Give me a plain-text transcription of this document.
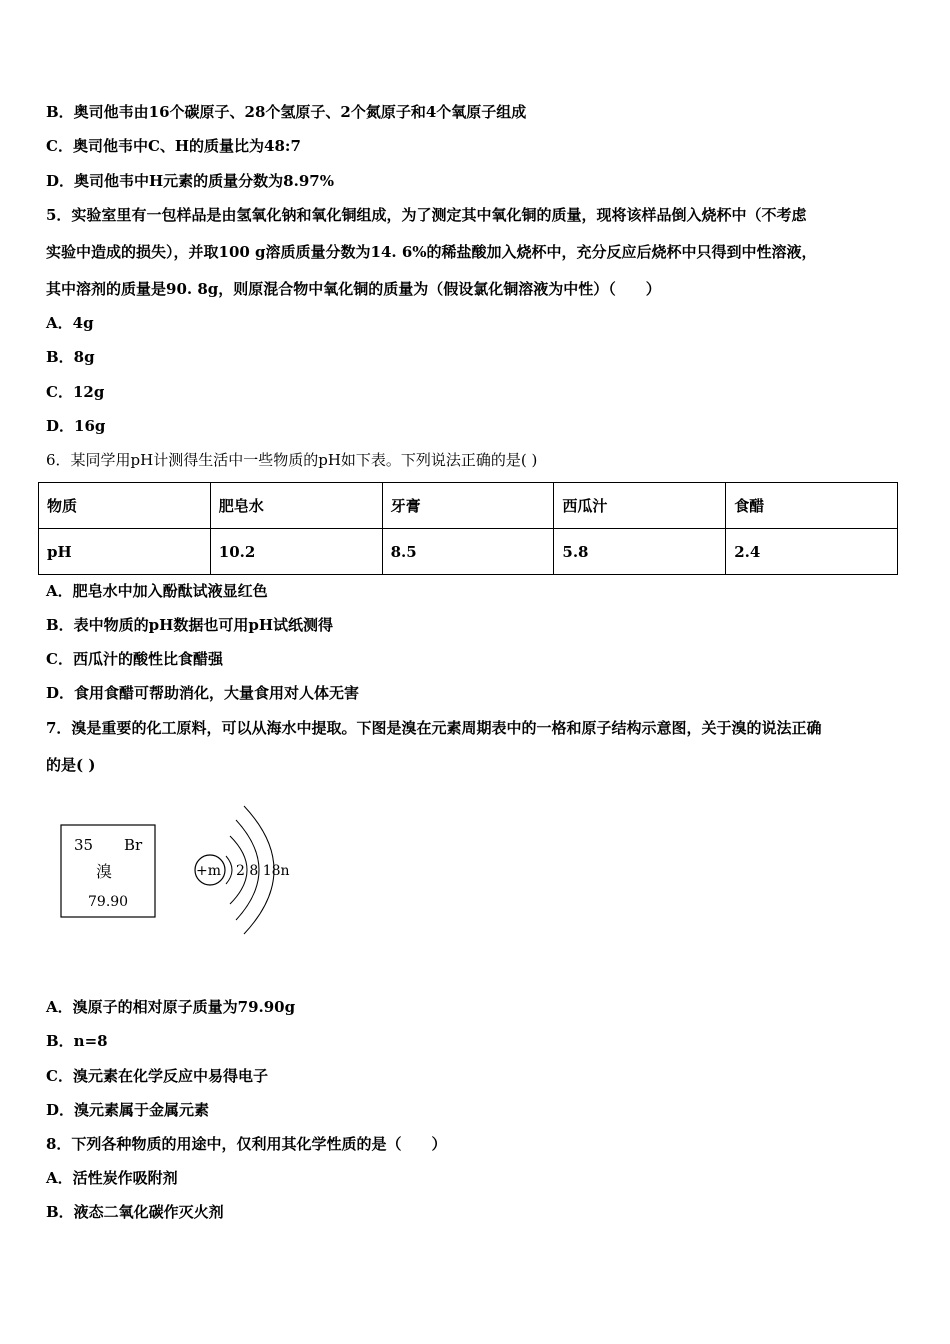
B．奥司他韦由16个碳原子、28个氢原子、2个氮原子和4个氧原子组成
C．奥司他韦中C、H的质量比为48:7
D．奥司他韦中H元素的质量分数为8.97%
5．实验室里有一包样品是由氢氧化钠和氧化铜组成，为了测定其中氧化铜的质量，现将该样品倒入烧杯中（不考虑
实验中造成的损失），并取100 g溶质质量分数为14. 6%的稀盐酸加入烧杯中，充分反应后烧杯中只得到中性溶液，
其中溶剂的质量是90. 8g，则原混合物中氧化铜的质量为（假设氯化铜溶液为中性）（　　）
A．4g
B．8g
C．12g
D．16g
6．某同学用pH计测得生活中一些物质的pH如下表。下列说法正确的是( )
物质	肥皂水	牙膏	西瓜汁	食醋
pH	10.2	8.5	5.8	2.4
A．肥皂水中加入酚酞试液显红色
B．表中物质的pH数据也可用pH试纸测得
C．西瓜汁的酸性比食醋强
D．食用食醋可帮助消化，大量食用对人体无害
7．溴是重要的化工原料，可以从海水中提取。下图是溴在元素周期表中的一格和原子结构示意图，关于溴的说法正确
的是( )
35 Br
溴
79.90
+m 2 8 18n
A．溴原子的相对原子质量为79.90g
B．n=8
C．溴元素在化学反应中易得电子
D．溴元素属于金属元素
8．下列各种物质的用途中，仅利用其化学性质的是（　　）
A．活性炭作吸附剂
B．液态二氧化碳作灭火剂
